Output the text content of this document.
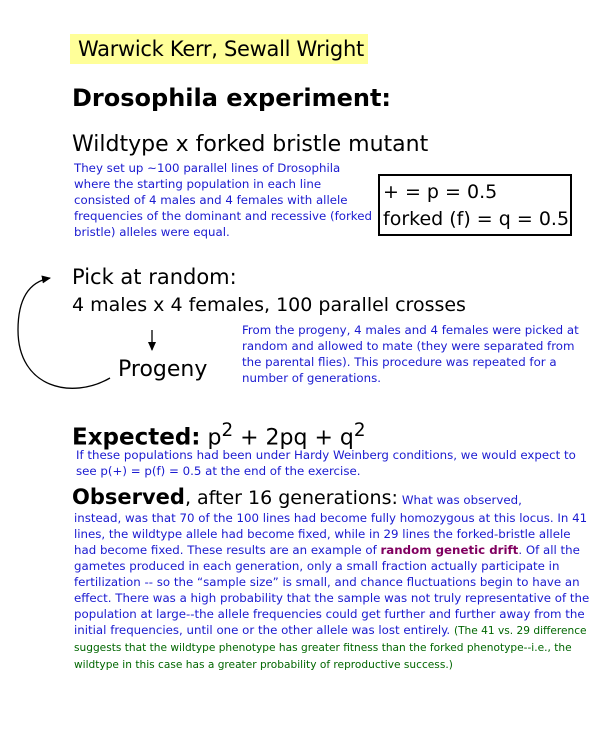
Warwick Kerr, Sewall Wright
Drosophila experiment:
Wildtype x forked bristle mutant
They set up ~100 parallel lines of Drosophila where the starting population in each line consisted of 4 males and 4 females with allele frequencies of the dominant and recessive (forked bristle) alleles were equal.
+ = p = 0.5
forked (f) = q = 0.5
Pick at random:
4 males x 4 females, 100 parallel crosses
Progeny
From the progeny, 4 males and 4 females were picked at random and allowed to mate (they were separated from the parental flies). This procedure was repeated for a number of generations.
Expected: $p^2 + 2pq + q^2$
If these populations had been under Hardy Weinberg conditions, we would expect to see p(+) = p(f) = 0.5 at the end of the exercise.
Observed, after 16 generations: What was observed,
instead, was that 70 of the 100 lines had become fully homozygous at this locus. In 41 lines, the wildtype allele had become fixed, while in 29 lines the forked-bristle allele had become fixed. These results are an example of random genetic drift. Of all the gametes produced in each generation, only a small fraction actually participate in fertilization -- so the “sample size” is small, and chance fluctuations begin to have an effect. There was a high probability that the sample was not truly representative of the population at large--the allele frequencies could get further and further away from the initial frequencies, until one or the other allele was lost entirely. (The 41 vs. 29 difference suggests that the wildtype phenotype has greater fitness than the forked phenotype--i.e., the wildtype in this case has a greater probability of reproductive success.)
